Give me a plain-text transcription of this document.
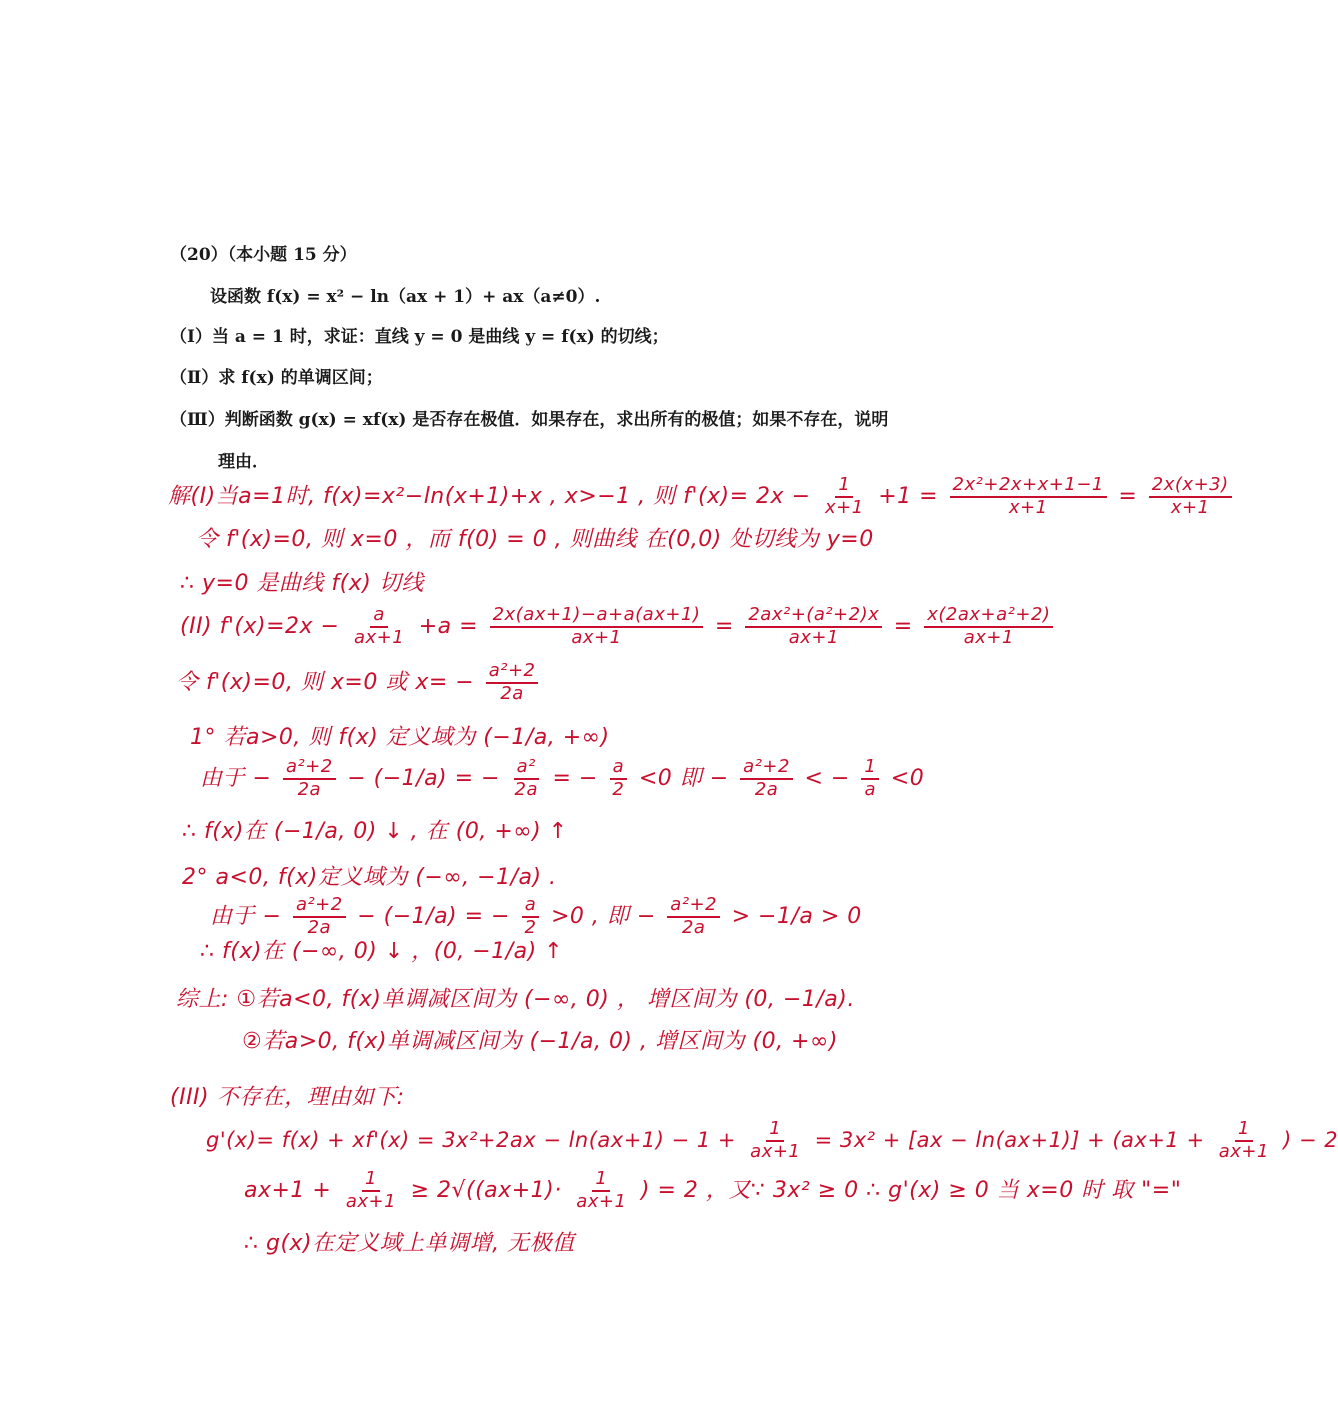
（20）（本小题 15 分）
设函数 f(x) = x² − ln（ax + 1）+ ax（a≠0）.
（Ⅰ）当 a = 1 时，求证：直线 y = 0 是曲线 y = f(x) 的切线；
（Ⅱ）求 f(x) 的单调区间；
（Ⅲ）判断函数 g(x) = xf(x) 是否存在极值．如果存在，求出所有的极值；如果不存在，说明
理由．
解(I)当a=1时, f(x)=x²−ln(x+1)+x , x>−1 , 则 $f'(x)= 2x - \frac{1}{x+1} +1 = \frac{\text{2x²+2x+x+1−1}}{x+1} = \frac{2x(x+3)}{x+1}$
令 f'(x)=0, 则 x=0 ，而 f(0) = 0 , 则曲线 在(0,0) 处切线为 y=0
∴ y=0 是曲线 f(x) 切线
(II) $f'(x)=2x - \frac{a}{ax+1} +a = \frac{2x(ax+1)-a+a(ax+1)}{ax+1} = \frac{\text{2ax²+(a²+2)x}}{ax+1} = \frac{\text{x(2ax+a²+2)}}{ax+1}$
令 f'(x)=0, 则 x=0 或 $x= - \frac{\text{a²+2}}{2a}$
1° 若a>0, 则 f(x) 定义域为 (−1/a, +∞)
由于 − $\frac{\text{a²+2}}{2a} - (-1/a)$ = − $\frac{\text{a²}}{2a}$ = − $\frac{a}{2} <0$ 即 − $\frac{\text{a²+2}}{2a}$ < − $\frac{1}{a} <0$
∴ f(x)在 (−1/a, 0) ↓ , 在 (0, +∞) ↑
2° a<0, f(x)定义域为 (−∞, −1/a) .
由于 − $\frac{\text{a²+2}}{2a} - (-1/a)$ = − $\frac{a}{2} >0$ , 即 − $\frac{\text{a²+2}}{2a} > -1/a > 0$
∴ f(x)在 (−∞, 0) ↓ ，(0, −1/a) ↑
综上: ①若a<0, f(x)单调减区间为 (−∞, 0) ， 增区间为 (0, −1/a).
②若a>0, f(x)单调减区间为 (−1/a, 0) , 增区间为 (0, +∞)
(III) 不存在，理由如下:
$g'(x)= f(x) + xf'(x) = 3x^2+2ax - \ln(ax+1) - 1 + \frac{1}{ax+1} = 3x^2 + [ax - \ln(ax+1)] + (ax+1 + \frac{1}{ax+1}$ ) − 2
$ax+1 + \frac{1}{ax+1} \ge 2√((ax+1)\cdot \frac{1}{ax+1}$ ) = 2 ，又∵ 3x² ≥ 0 ∴ g'(x) ≥ 0 当 x=0 时 取 "="
∴ g(x)在定义域上单调增, 无极值
